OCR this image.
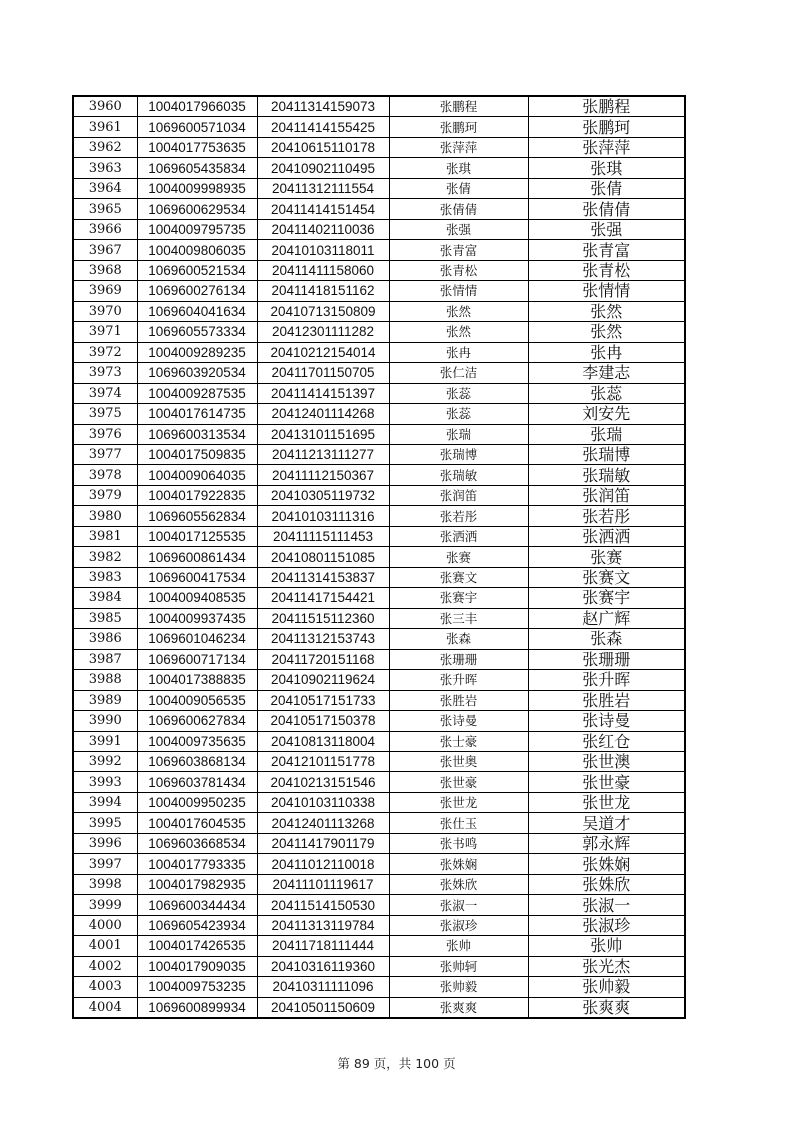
3960	1004017966035	20411314159073	张鹏程	张鹏程
3961	1069600571034	20411414155425	张鹏珂	张鹏珂
3962	1004017753635	20410615110178	张萍萍	张萍萍
3963	1069605435834	20410902110495	张琪	张琪
3964	1004009998935	20411312111554	张倩	张倩
3965	1069600629534	20411414151454	张倩倩	张倩倩
3966	1004009795735	20411402110036	张强	张强
3967	1004009806035	20410103118011	张青富	张青富
3968	1069600521534	20411411158060	张青松	张青松
3969	1069600276134	20411418151162	张情情	张情情
3970	1069604041634	20410713150809	张然	张然
3971	1069605573334	20412301111282	张然	张然
3972	1004009289235	20410212154014	张冉	张冉
3973	1069603920534	20411701150705	张仁洁	李建志
3974	1004009287535	20411414151397	张蕊	张蕊
3975	1004017614735	20412401114268	张蕊	刘安先
3976	1069600313534	20413101151695	张瑞	张瑞
3977	1004017509835	20411213111277	张瑞博	张瑞博
3978	1004009064035	20411112150367	张瑞敏	张瑞敏
3979	1004017922835	20410305119732	张润笛	张润笛
3980	1069605562834	20410103111316	张若彤	张若彤
3981	1004017125535	20411115111453	张洒洒	张洒洒
3982	1069600861434	20410801151085	张赛	张赛
3983	1069600417534	20411314153837	张赛文	张赛文
3984	1004009408535	20411417154421	张赛宇	张赛宇
3985	1004009937435	20411515112360	张三丰	赵广辉
3986	1069601046234	20411312153743	张森	张森
3987	1069600717134	20411720151168	张珊珊	张珊珊
3988	1004017388835	20410902119624	张升晖	张升晖
3989	1004009056535	20410517151733	张胜岩	张胜岩
3990	1069600627834	20410517150378	张诗曼	张诗曼
3991	1004009735635	20410813118004	张士豪	张红仓
3992	1069603868134	20412101151778	张世奥	张世澳
3993	1069603781434	20410213151546	张世豪	张世豪
3994	1004009950235	20410103110338	张世龙	张世龙
3995	1004017604535	20412401113268	张仕玉	吴道才
3996	1069603668534	20411417901179	张书鸣	郭永辉
3997	1004017793335	20411012110018	张姝娴	张姝娴
3998	1004017982935	20411101119617	张姝欣	张姝欣
3999	1069600344434	20411514150530	张淑一	张淑一
4000	1069605423934	20411313119784	张淑珍	张淑珍
4001	1004017426535	20411718111444	张帅	张帅
4002	1004017909035	20410316119360	张帅轲	张光杰
4003	1004009753235	20410311111096	张帅毅	张帅毅
4004	1069600899934	20410501150609	张爽爽	张爽爽
第 89 页，共 100 页
